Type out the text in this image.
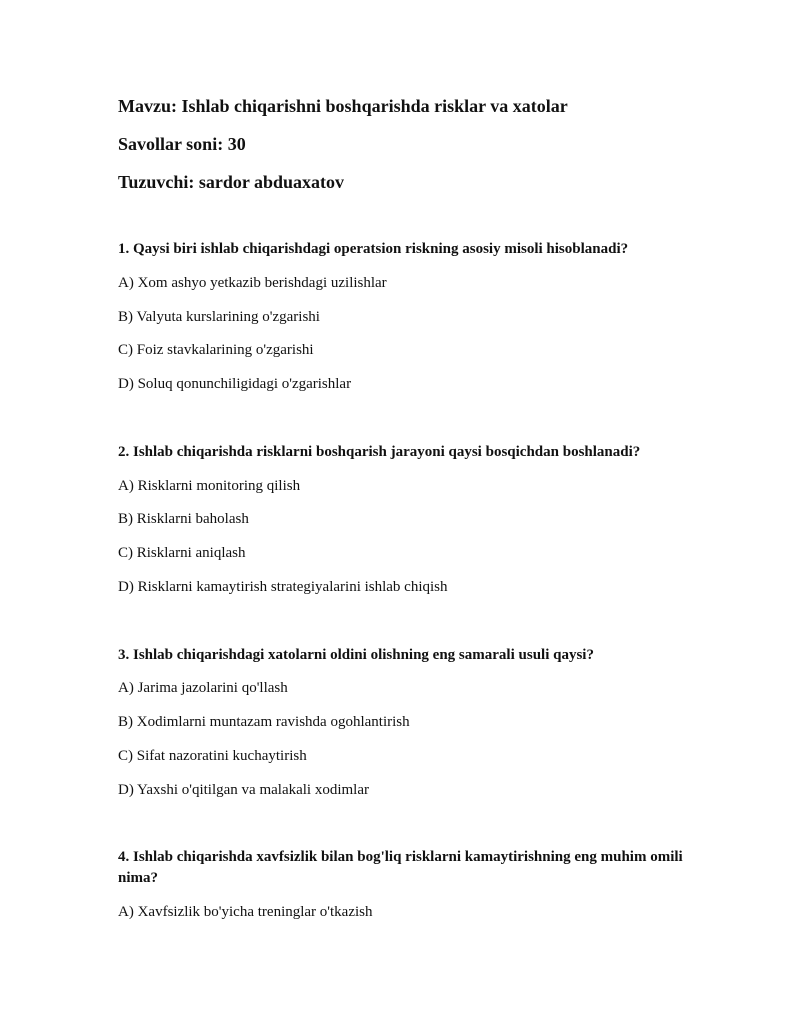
Mavzu: Ishlab chiqarishni boshqarishda risklar va xatolar
Savollar soni: 30
Tuzuvchi: sardor abduaxatov
1. Qaysi biri ishlab chiqarishdagi operatsion riskning asosiy misoli hisoblanadi?
A) Xom ashyo yetkazib berishdagi uzilishlar
B) Valyuta kurslarining o'zgarishi
C) Foiz stavkalarining o'zgarishi
D) Soluq qonunchiligidagi o'zgarishlar
2. Ishlab chiqarishda risklarni boshqarish jarayoni qaysi bosqichdan boshlanadi?
A) Risklarni monitoring qilish
B) Risklarni baholash
C) Risklarni aniqlash
D) Risklarni kamaytirish strategiyalarini ishlab chiqish
3. Ishlab chiqarishdagi xatolarni oldini olishning eng samarali usuli qaysi?
A) Jarima jazolarini qo'llash
B) Xodimlarni muntazam ravishda ogohlantirish
C) Sifat nazoratini kuchaytirish
D) Yaxshi o'qitilgan va malakali xodimlar
4. Ishlab chiqarishda xavfsizlik bilan bog'liq risklarni kamaytirishning eng muhim omili nima?
A) Xavfsizlik bo'yicha treninglar o'tkazish
